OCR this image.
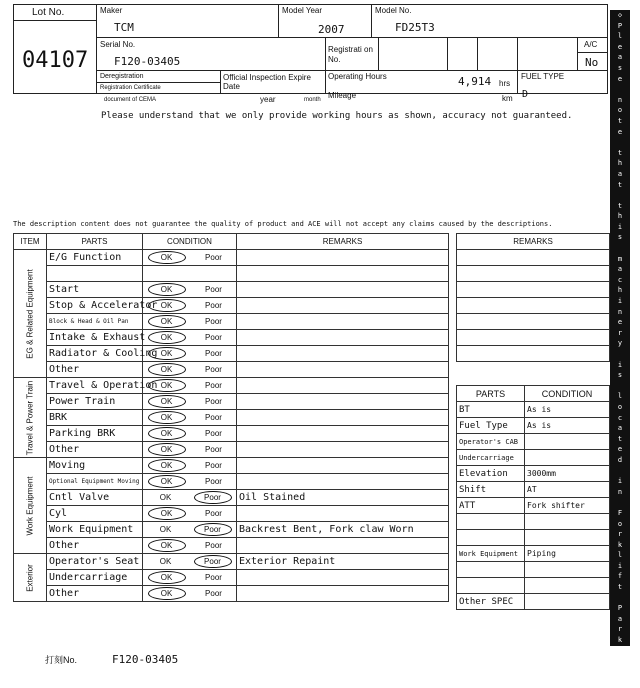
Lot No.
04107
Maker
TCM
Model Year
2007
Model No.
FD25T3
Serial No.
F120-03405
Registrati on No.
A/C
No
Deregistration
Registration Certificate
document of CEMA
Official Inspection Expire Date
year	month
Operating Hours	4,914 hrs
Mileage	km
FUEL TYPE
D
Please understand that we only provide working hours as shown, accuracy not guaranteed.
The description content does not guarantee the quality of product and ACE will not accept any claims caused by the descriptions.
ITEM	PARTS	CONDITION	REMARKS

EG & Related Equipment	E/G Function	OK Poor	

	Start	OK Poor	
	Stop & Accelerator	OK Poor	
	Block & Head & Oil Pan	OK Poor	
	Intake & Exhaust	OK Poor	
	Radiator & Cooling	OK Poor	
	Other	OK Poor	

Travel & Power Train	Travel & Operation	OK Poor	
	Power Train	OK Poor	
	BRK	OK Poor	
	Parking BRK	OK Poor	
	Other	OK Poor	

Work Equipment	Moving	OK Poor	
	Optional Equipment Moving	OK Poor	
	Cntl Valve	OK Poor	Oil Stained
	Cyl	OK Poor	
	Work Equipment	OK Poor	Backrest Bent, Fork claw Worn
	Other	OK Poor	

Exterior	Operator's Seat	OK Poor	Exterior Repaint
	Undercarriage	OK Poor	
	Other	OK Poor	
REMARKS

PARTS	CONDITION
BT	As is
Fuel Type	As is
Operator's CAB	
Undercarriage	
Elevation	3000mm
Shift	AT
ATT	Fork shifter

Work Equipment	Piping

Other SPEC	
◇
P
l
e
a
s
e

n
o
t
e

t
h
a
t

t
h
i
s

m
a
c
h
i
n
e
r
y

i
s

l
o
c
a
t
e
d

i
n

F
o
r
k
l
i
f
t

P
a
r
k
i
n
g
◇
打刻No.	F120-03405
